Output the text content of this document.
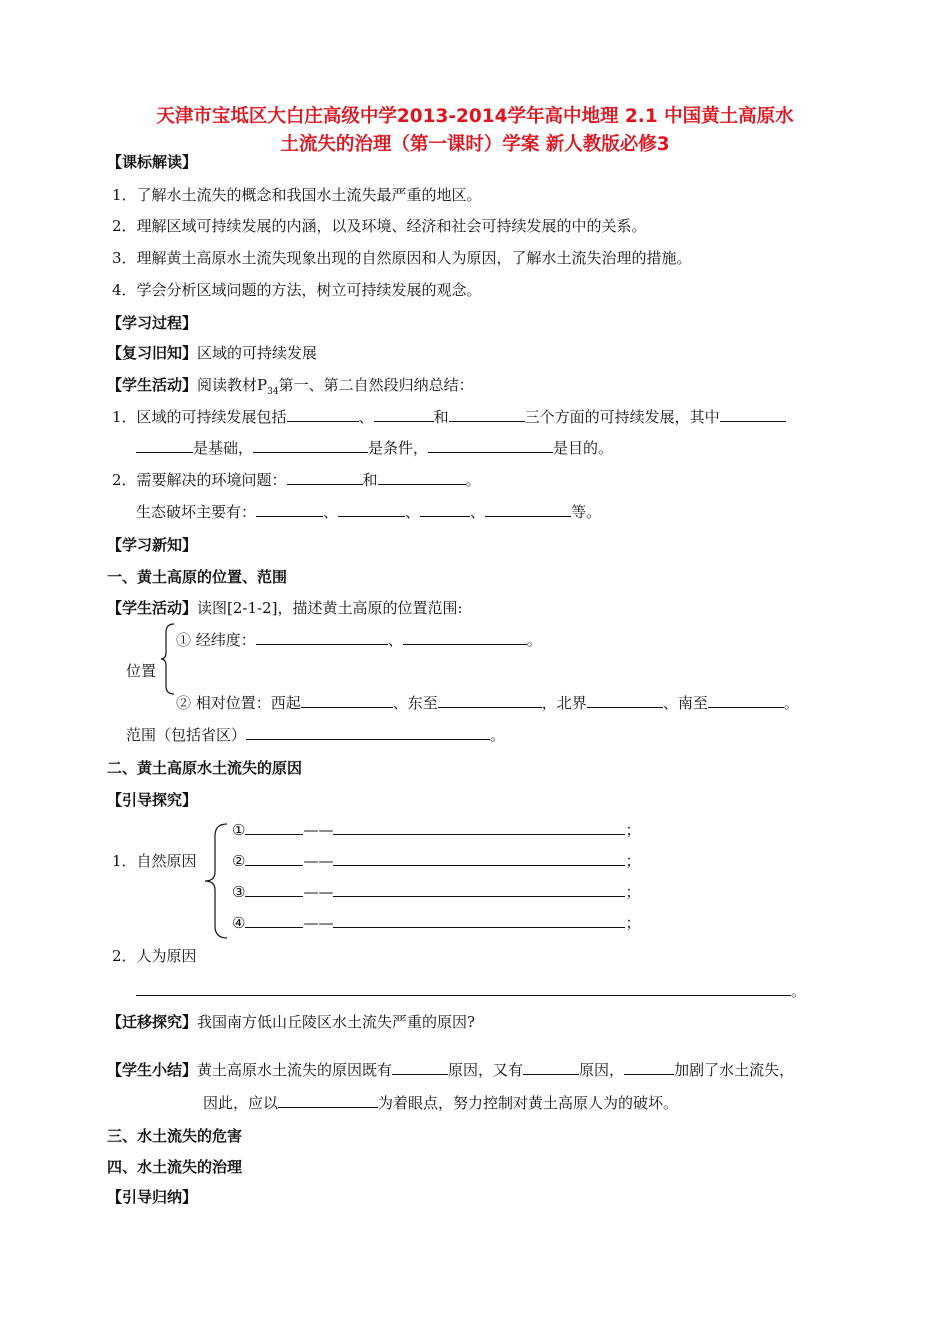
天津市宝坻区大白庄高级中学2013-2014学年高中地理 2.1 中国黄土高原水
土流失的治理（第一课时）学案 新人教版必修3
【课标解读】
1．了解水土流失的概念和我国水土流失最严重的地区。
2．理解区域可持续发展的内涵，以及环境、经济和社会可持续发展的中的关系。
3．理解黄土高原水土流失现象出现的自然原因和人为原因，了解水土流失治理的措施。
4．学会分析区域问题的方法，树立可持续发展的观念。
【学习过程】
【复习旧知】区域的可持续发展
【学生活动】阅读教材$P_{34}$第一、第二自然段归纳总结：
1．区域的可持续发展包括	、	和	三个方面的可持续发展，其中
是基础，	是条件，	是目的。
2．需要解决的环境问题：	和	。
生态破坏主要有：	、	、	、	等。
【学习新知】
一、黄土高原的位置、范围
【学生活动】读图[2-1-2]，描述黄土高原的位置范围:
① 经纬度：	、	。
位置
② 相对位置：西起	、东至	，北界	、南至	。
范围（包括省区）	。
二、黄土高原水土流失的原因
【引导探究】
1．自然原因
①	——	；
②	——	；
③	——	；
④	——	；
2．人为原因
。
【迁移探究】我国南方低山丘陵区水土流失严重的原因?
【学生小结】黄土高原水土流失的原因既有	原因，又有	原因，	加剧了水土流失，
因此，应以	为着眼点，努力控制对黄土高原人为的破坏。
三、水土流失的危害
四、水土流失的治理
【引导归纳】
